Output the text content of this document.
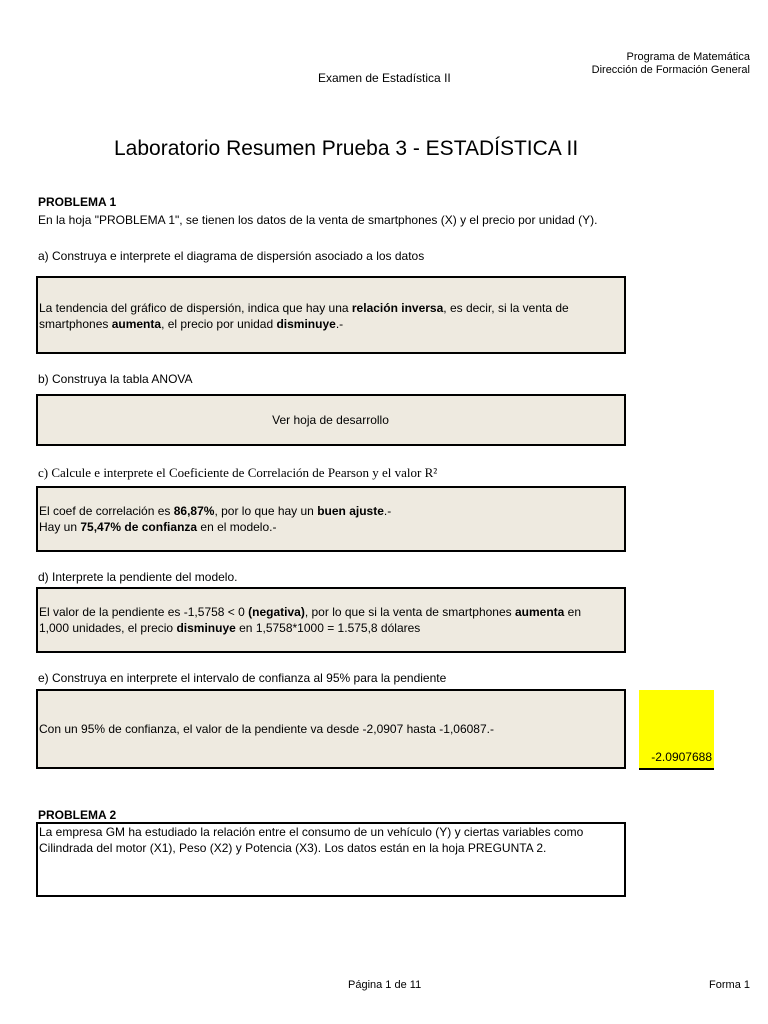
Programa de Matemática
Dirección de Formación General
Examen de Estadística II
Laboratorio Resumen Prueba 3 - ESTADÍSTICA II
PROBLEMA 1
En la hoja "PROBLEMA 1", se tienen los datos de la venta de smartphones (X) y el precio por unidad (Y).
a) Construya e interprete el diagrama de dispersión asociado a los datos
La tendencia del gráfico de dispersión, indica que hay una relación inversa, es decir, si la venta de
smartphones aumenta, el precio por unidad disminuye.-
b) Construya la tabla ANOVA
Ver hoja de desarrollo
c) Calcule e interprete el Coeficiente de Correlación de Pearson y el valor R²
El coef de correlación es 86,87%, por lo que hay un buen ajuste.-
Hay un 75,47% de confianza en el modelo.-
d) Interprete la pendiente del modelo.
El valor de la pendiente es -1,5758 < 0 (negativa), por lo que si la venta de smartphones aumenta en
1,000 unidades, el precio disminuye en 1,5758*1000 = 1.575,8 dólares
e) Construya en interprete el intervalo de confianza al 95% para la pendiente
Con un 95% de confianza, el valor de la pendiente va desde -2,0907 hasta -1,06087.-
-2.0907688
PROBLEMA 2
La empresa GM ha estudiado la relación entre el consumo de un vehículo (Y) y ciertas variables como
Cilindrada del motor (X1), Peso (X2) y Potencia (X3). Los datos están en la hoja PREGUNTA 2.
Página 1 de 11	Forma 1
